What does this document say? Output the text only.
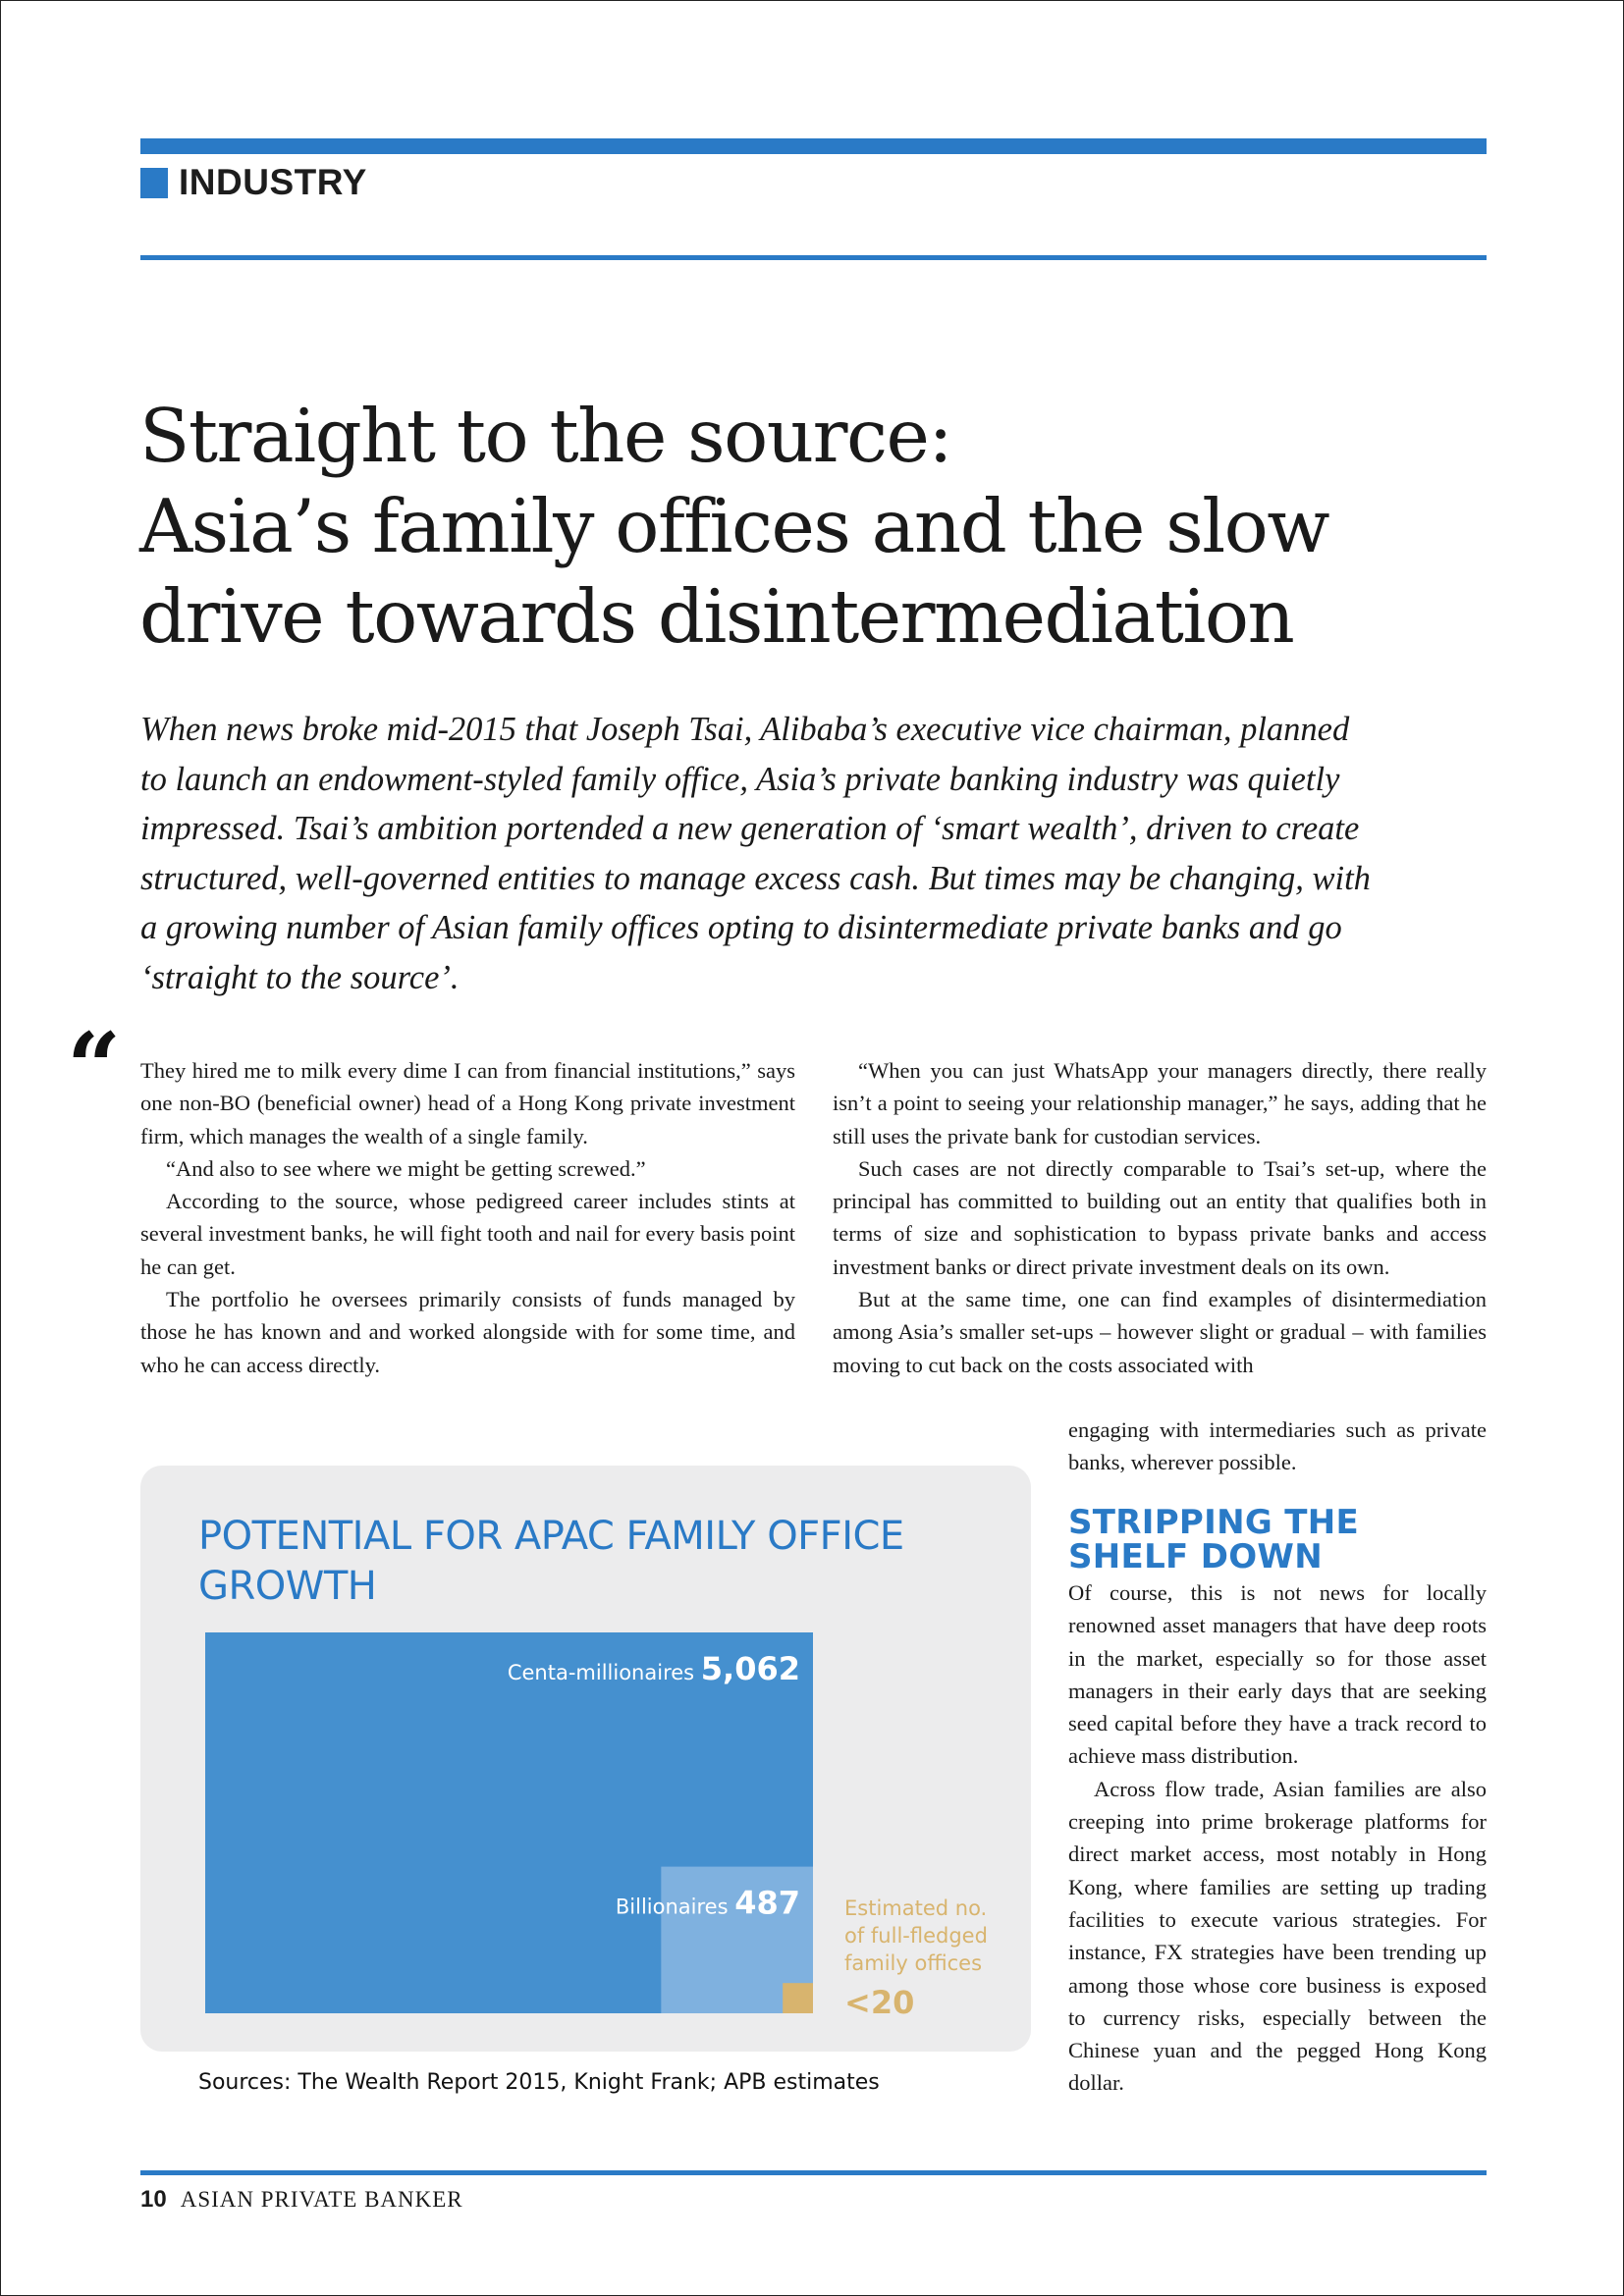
INDUSTRY
Straight to the source:
Asia’s family offices and the slow
drive towards disintermediation

When news broke mid-2015 that Joseph Tsai, Alibaba’s executive vice chairman, planned
to launch an endowment-styled family office, Asia’s private banking industry was quietly
impressed. Tsai’s ambition portended a new generation of ‘smart wealth’, driven to create
structured, well-governed entities to manage excess cash. But times may be changing, with
a growing number of Asian family offices opting to disintermediate private banks and go
‘straight to the source’.

“ They hired me to milk every dime I can from financial institutions,” says one non-BO (beneficial owner) head of a Hong Kong private investment firm, which manages the wealth of a single family.

“And also to see where we might be getting screwed.”

According to the source, whose pedigreed career includes stints at several investment banks, he will fight tooth and nail for every basis point he can get.

The portfolio he oversees primarily consists of funds managed by those he has known and and worked alongside with for some time, and who he can access directly.

“When you can just WhatsApp your managers directly, there really isn’t a point to seeing your relationship manager,” he says, adding that he still uses the private bank for custodian services.

Such cases are not directly comparable to Tsai’s set-up, where the principal has committed to building out an entity that qualifies both in terms of size and sophistication to bypass private banks and access investment banks or direct private investment deals on its own.

But at the same time, one can find examples of disintermediation among Asia’s smaller set-ups – however slight or gradual – with families moving to cut back on the costs associated with

engaging with intermediaries such as private banks, wherever possible.

STRIPPING THE
SHELF DOWN

Of course, this is not news for locally renowned asset managers that have deep roots in the market, especially so for those asset managers in their early days that are seeking seed capital before they have a track record to achieve mass distribution.

Across flow trade, Asian families are also creeping into prime brokerage platforms for direct market access, most notably in Hong Kong, where families are setting up trading facilities to execute various strategies. For instance, FX strategies have been trending up among those whose core business is exposed to currency risks, especially between the Chinese yuan and the pegged Hong Kong dollar.

POTENTIAL FOR APAC FAMILY OFFICE
GROWTH
Centa-millionaires 5,062
Billionaires 487 Estimated no.
of full-fledged
family offices
<20
Sources: The Wealth Report 2015, Knight Frank; APB estimates
10 ASIAN PRIVATE BANKER
